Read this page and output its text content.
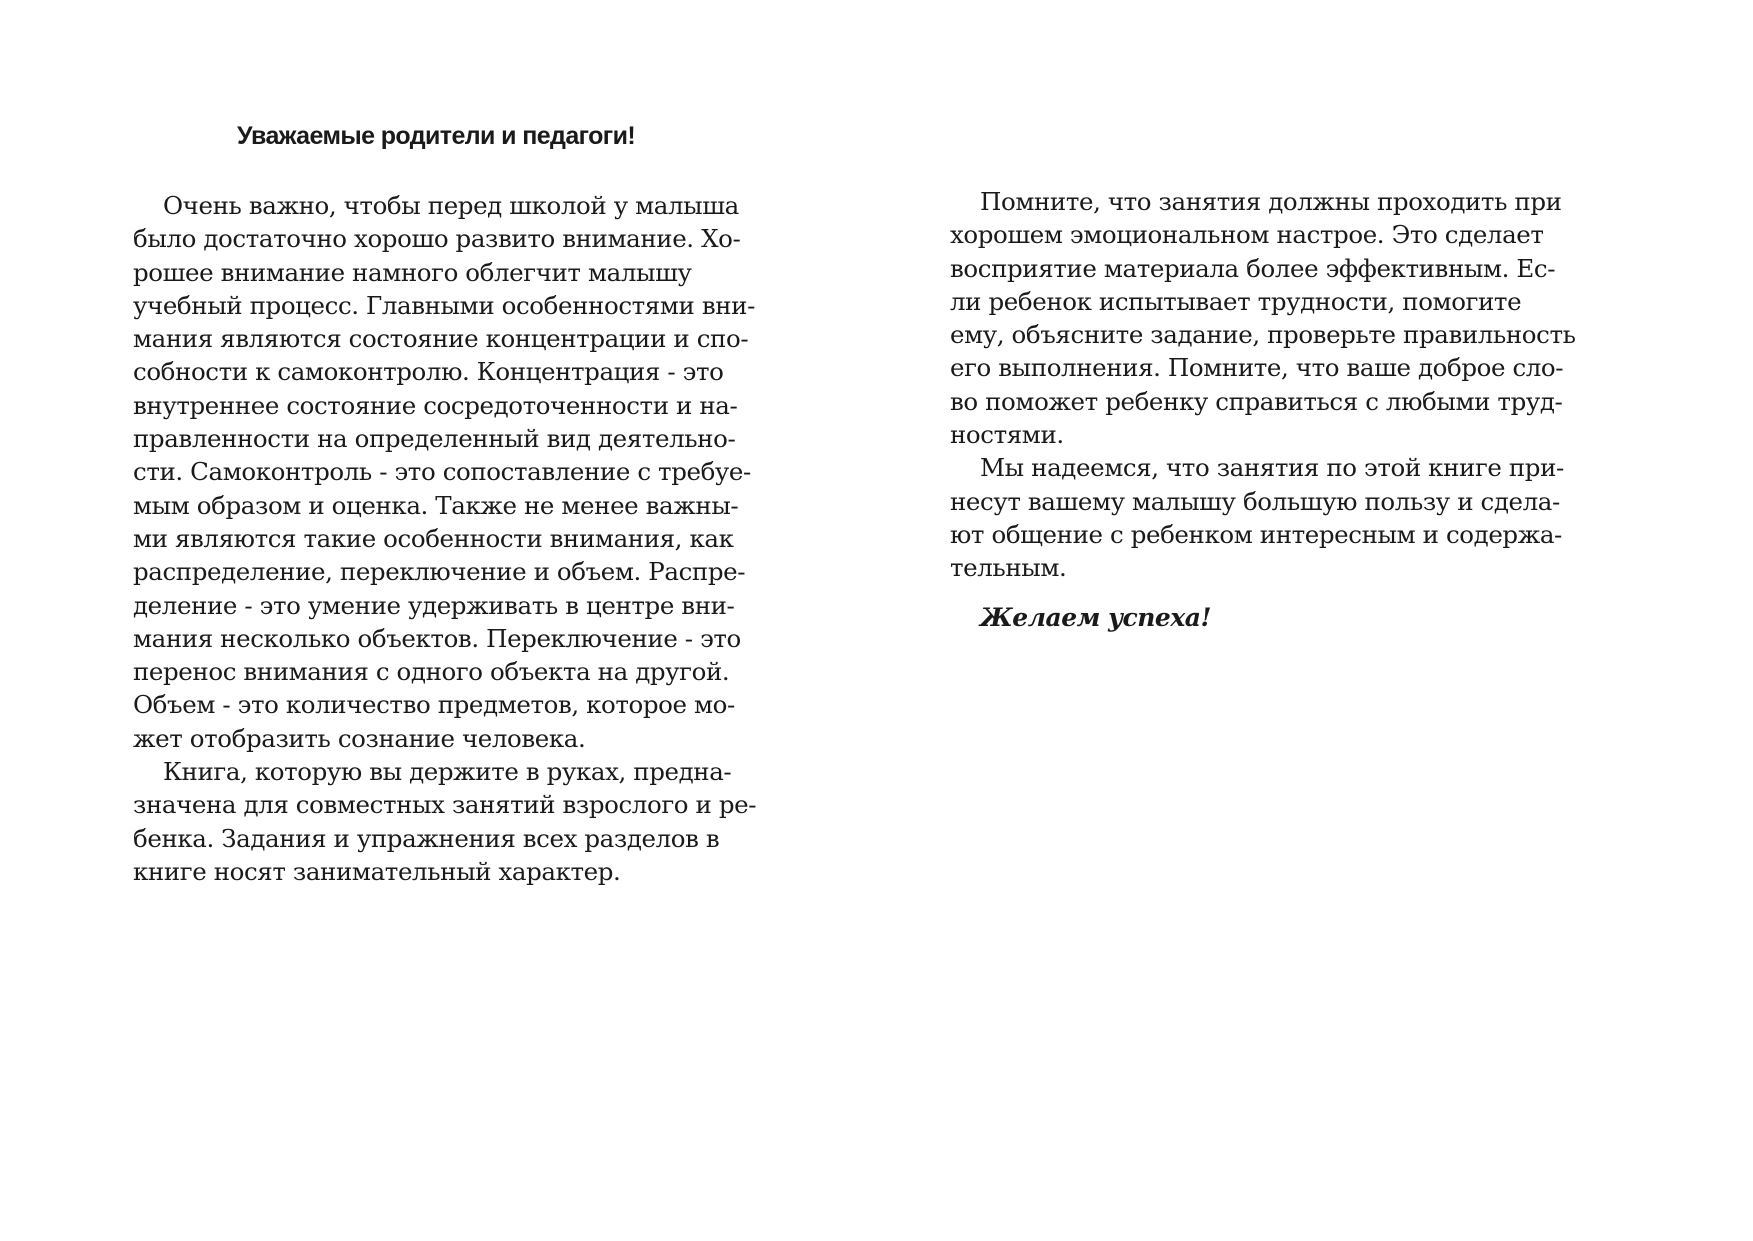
Уважаемые родители и педагоги!
Очень важно, чтобы перед школой у малыша
было достаточно хорошо развито внимание. Хо-
рошее внимание намного облегчит малышу
учебный процесс. Главными особенностями вни-
мания являются состояние концентрации и спо-
собности к самоконтролю. Концентрация - это
внутреннее состояние сосредоточенности и на-
правленности на определенный вид деятельно-
сти. Самоконтроль - это сопоставление с требуе-
мым образом и оценка. Также не менее важны-
ми являются такие особенности внимания, как
распределение, переключение и объем. Распре-
деление - это умение удерживать в центре вни-
мания несколько объектов. Переключение - это
перенос внимания с одного объекта на другой.
Объем - это количество предметов, которое мо-
жет отобразить сознание человека.
Книга, которую вы держите в руках, предна-
значена для совместных занятий взрослого и ре-
бенка. Задания и упражнения всех разделов в
книге носят занимательный характер.
Помните, что занятия должны проходить при
хорошем эмоциональном настрое. Это сделает
восприятие материала более эффективным. Ес-
ли ребенок испытывает трудности, помогите
ему, объясните задание, проверьте правильность
его выполнения. Помните, что ваше доброе сло-
во поможет ребенку справиться с любыми труд-
ностями.
Мы надеемся, что занятия по этой книге при-
несут вашему малышу большую пользу и сдела-
ют общение с ребенком интересным и содержа-
тельным.

Желаем успеха!
